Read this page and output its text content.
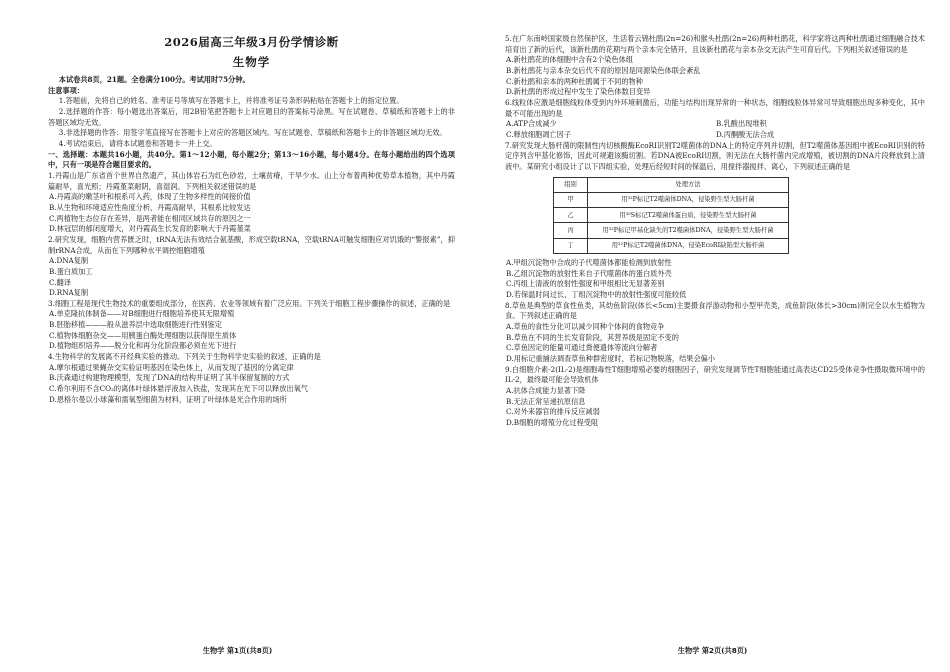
2026届高三年级3月份学情诊断
生物学
本试卷共8页，21题。全卷满分100分。考试用时75分钟。
注意事项：
1.答题前，先将自己的姓名、准考证号等填写在答题卡上，并将准考证号条形码粘贴在答题卡上的指定位置。
2.选择题的作答：每小题选出答案后，用2B铅笔把答题卡上对应题目的答案标号涂黑。写在试题卷、草稿纸和答题卡上的非答题区域均无效。
3.非选择题的作答：用签字笔直接写在答题卡上对应的答题区域内。写在试题卷、草稿纸和答题卡上的非答题区域均无效。
4.考试结束后，请将本试题卷和答题卡一并上交。
一、选择题：本题共16小题，共40分。第1～12小题，每小题2分；第13～16小题，每小题4分。在每小题给出的四个选项中，只有一项是符合题目要求的。
1.丹霞山是广东省首个世界自然遗产，其山体岩石为红色砂岩，土壤贫瘠，干旱少水。山上分布着两种优势草本植物，其中丹霞篇耐旱，喜光照；丹霞堇菜耐阴，喜湿润。下列相关叙述错误的是
A.丹霞高的嫩茎叶和根系可入药，体现了生物多样性的间接价值
B.从生物和环境适应性角度分析，丹霞高耐旱，其根系比较发达
C.两植物生态位存在差异，是两者能在相同区域共存的原因之一
D.林冠层的郁闭度增大，对丹霞高生长发育的影响大于丹霞堇菜
2.研究发现，细胞内营养匮乏时，tRNA无法有效结合氨基酸，形成空载tRNA，空载tRNA可触发细胞应对饥饿的“警报素”，抑制rRNA合成，从而在下列哪种水平调控细胞增殖
A.DNA复制
B.蛋白质加工
C.翻译
D.RNA复制
3.细胞工程是现代生物技术的重要组成部分，在医药、农业等领域有着广泛应用。下列关于细胞工程步骤操作的叙述，正确的是
A.单克隆抗体制备——对B细胞进行细胞培养使其无限增殖
B.胚胎移植———般从滋养层中选取细胞进行性别鉴定
C.植物体细胞杂交——用胰蛋白酶处理细胞以获得原生质体
D.植物组织培养——脱分化和再分化阶段都必须在光下进行
4.生物科学的发展离不开经典实验的推动。下列关于生物科学史实验的叙述，正确的是
A.摩尔根通过果蝇杂交实验证明基因在染色体上，从而发现了基因的分离定律
B.沃森通过构建物理模型，发现了DNA的结构并证明了其半保留复制的方式
C.希尔利用不含CO₂的离体叶绿体悬浮液加入铁盐，发现其在光下可以释放出氧气
D.恩格尔曼以小球藻和需氧型细菌为材料，证明了叶绿体是光合作用的场所
生物学 第1页(共8页)
5.在广东南岭国家级自然保护区，生活着云锦杜鹃(2n=26)和猴头杜鹃(2n=26)两种杜鹃花，科学家将这两种杜鹃通过细胞融合技术培育出了新的后代，该新杜鹃的花期与两个亲本完全错开，且该新杜鹃花与亲本杂交无法产生可育后代。下列相关叙述错误的是
A.新杜鹃花的体细胞中含有2个染色体组
B.新杜鹃花与亲本杂交后代不育的原因是同源染色体联会紊乱
C.新杜鹃和亲本的两种杜鹃属于不同的物种
D.新杜鹃的形成过程中发生了染色体数目变异
6.线粒体应激是细胞线粒体受到内外环境刺激后，功能与结构出现异常的一种状态，细胞线粒体异常可导致细胞出现多种变化，其中最不可能出现的是
A.ATP合成减少	B.乳酸出现堆积
C.释放细胞凋亡因子	D.丙酮酸无法合成
7.研究发现大肠杆菌的限制性内切核酸酶EcoRⅠ识别T2噬菌体的DNA上的特定序列并切割，但T2噬菌体基因组中被EcoRⅠ识别的特定序列含甲基化修饰，因此可规避该酶切割。若DNA被EcoRⅠ切割，则无法在大肠杆菌内完成增殖，被切割的DNA片段释放到上清液中。某研究小组设计了以下四组实验，处理后经短时间的保温后，用搅拌器搅拌、离心，下列叙述正确的是
组别	处理方法
甲	用³²P标记T2噬菌体DNA，侵染野生型大肠杆菌
乙	用³⁵S标记T2噬菌体蛋白质，侵染野生型大肠杆菌
丙	用³²P标记甲基化缺失的T2噬菌体DNA，侵染野生型大肠杆菌
丁	用³²P标记T2噬菌体DNA，侵染EcoRⅠ缺陷型大肠杆菌
A.甲组沉淀物中合成的子代噬菌体都能检测到放射性
B.乙组沉淀物的放射性来自子代噬菌体的蛋白质外壳
C.丙组上清液的放射性强度和甲组相比无显著差别
D.若保温时间过长，丁组沉淀物中的放射性强度可能较低
8.草鱼是典型的草食性鱼类，其幼鱼阶段(体长<5cm)主要摄食浮游动物和小型甲壳类，成鱼阶段(体长>30cm)则完全以水生植物为食。下列叙述正确的是
A.草鱼的食性分化可以减少同种个体间的食物竞争
B.草鱼在不同的生长发育阶段，其营养级是固定不变的
C.草鱼因定的能量可通过粪便遗体等流向分解者
D.用标记重捕法调查草鱼种群密度时，若标记物脱落，结果会偏小
9.白细胞介素-2(IL-2)是细胞毒性T细胞增殖必要的细胞因子，研究发现调节性T细胞能通过高表达CD25受体竞争性摄取微环境中的IL-2，最终最可能会导致机体
A.抗体合成能力显著下降
B.无法正常呈递抗原信息
C.对外来器官的排斥反应减弱
D.B细胞的增殖分化过程受阻
生物学 第2页(共8页)
